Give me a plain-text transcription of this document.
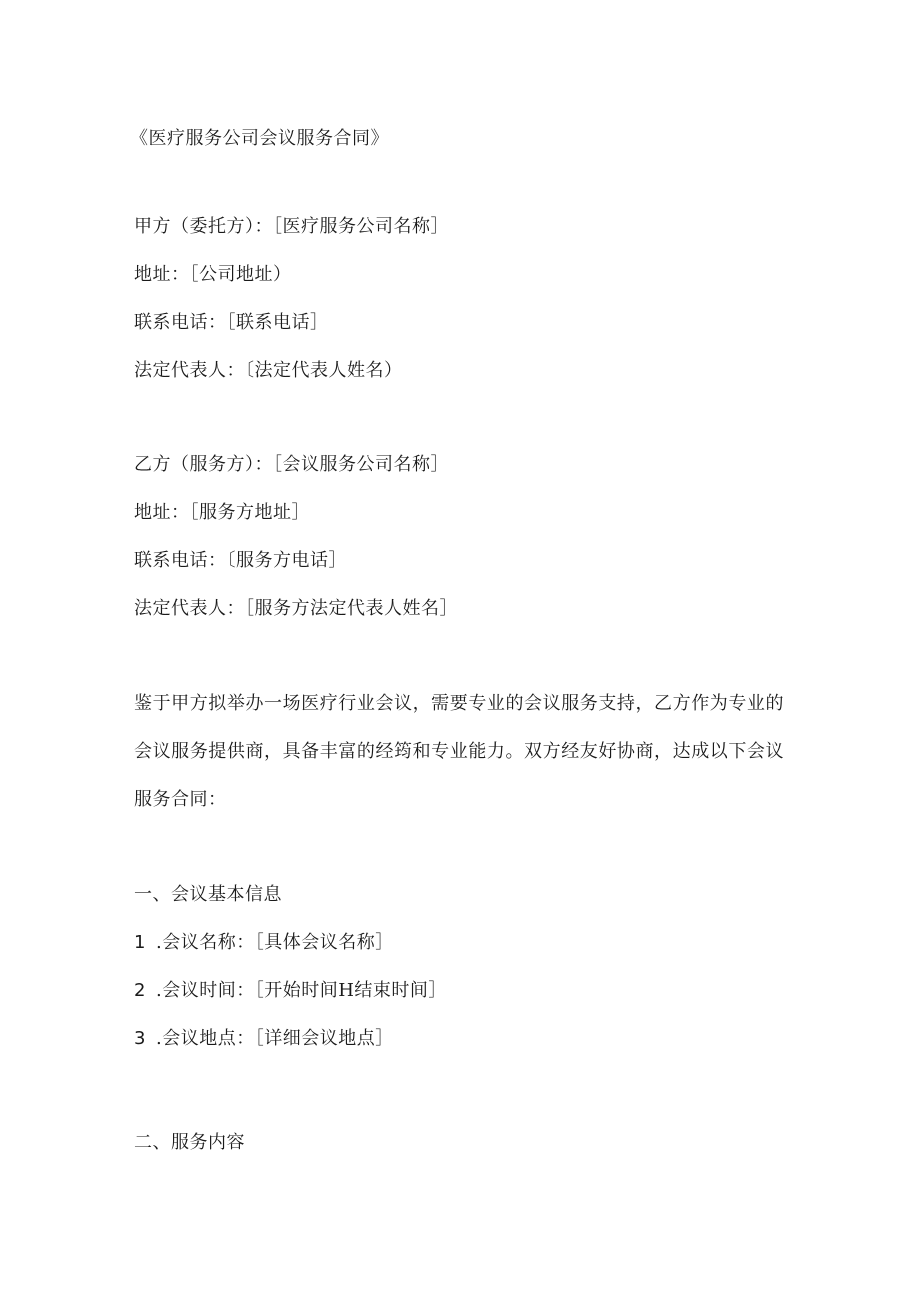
《医疗服务公司会议服务合同》
甲方（委托方）：［医疗服务公司名称］
地址：［公司地址）
联系电话：［联系电话］
法定代表人：〔法定代表人姓名）
乙方（服务方）：［会议服务公司名称］
地址：［服务方地址］
联系电话：〔服务方电话］
法定代表人：［服务方法定代表人姓名］
鉴于甲方拟举办一场医疗行业会议，需要专业的会议服务支持，乙方作为专业的会议服务提供商，具备丰富的经筠和专业能力。双方经友好协商，达成以下会议服务合同：
一、会议基本信息
1 .会议名称：［具体会议名称］
2 .会议时间：［开始时间H结束时间］
3 .会议地点：［详细会议地点］
二、服务内容
